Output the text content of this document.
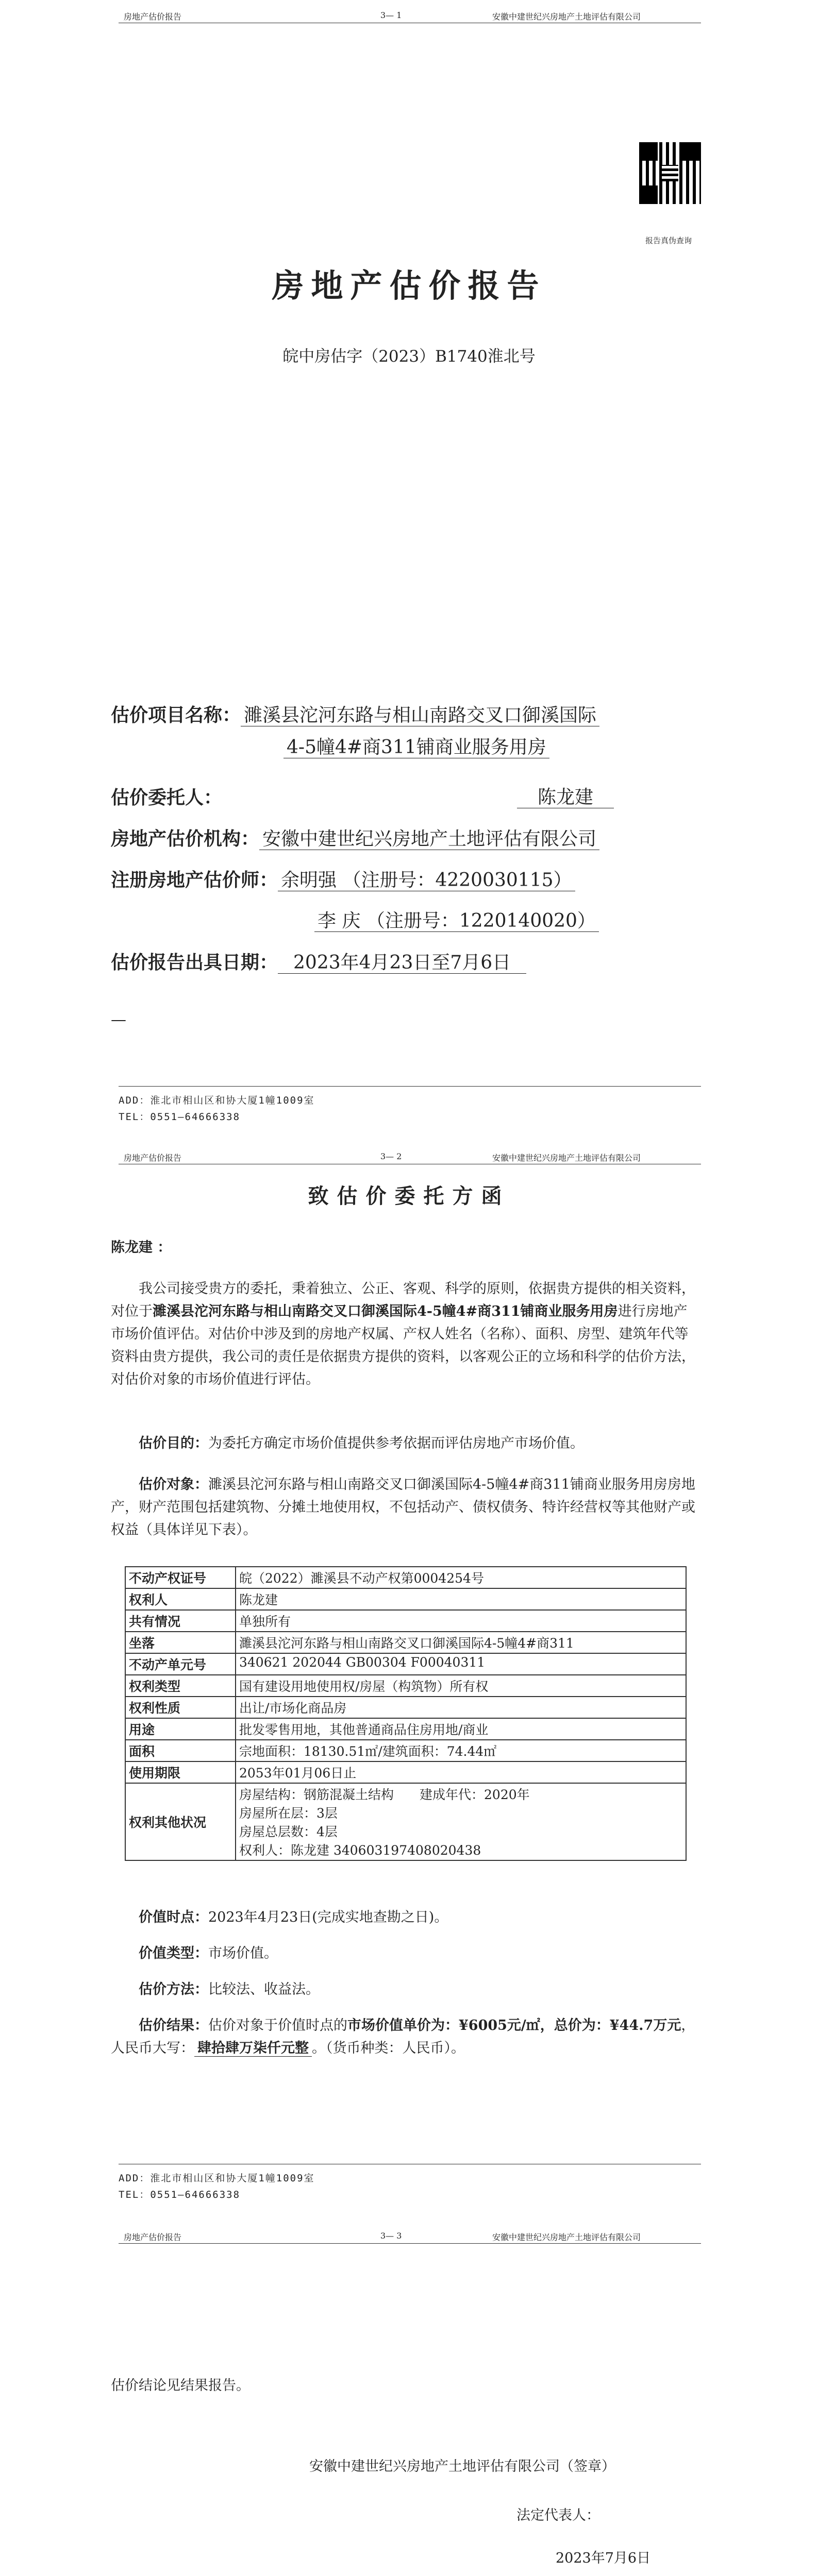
房地产估价报告	3— 1	安徽中建世纪兴房地产土地评估有限公司
报告真伪查询
房地产估价报告
皖中房估字（2023）B1740淮北号
估价项目名称： 濉溪县沱河东路与相山南路交叉口御溪国际
4-5幢4#商311铺商业服务用房
估价委托人：	陈龙建
房地产估价机构： 安徽中建世纪兴房地产土地评估有限公司
注册房地产估价师： 余明强 （注册号：4220030115）
李 庆 （注册号：1220140020）
估价报告出具日期： 2023年4月23日至7月6日
—
ADD：淮北市相山区和协大厦1幢1009室
TEL：0551—64666338
房地产估价报告	3— 2	安徽中建世纪兴房地产土地评估有限公司
致估价委托方函
陈龙建 ：
我公司接受贵方的委托，秉着独立、公正、客观、科学的原则，依据贵方提供的相关资料，对位于濉溪县沱河东路与相山南路交叉口御溪国际4-5幢4#商311铺商业服务用房进行房地产市场价值评估。对估价中涉及到的房地产权属、产权人姓名（名称）、面积、房型、建筑年代等资料由贵方提供，我公司的责任是依据贵方提供的资料，以客观公正的立场和科学的估价方法，对估价对象的市场价值进行评估。
估价目的：为委托方确定市场价值提供参考依据而评估房地产市场价值。
估价对象：濉溪县沱河东路与相山南路交叉口御溪国际4-5幢4#商311铺商业服务用房房地产，财产范围包括建筑物、分摊土地使用权，不包括动产、债权债务、特许经营权等其他财产或权益（具体详见下表）。
不动产权证号	皖（2022）濉溪县不动产权第0004254号
权利人	陈龙建
共有情况	单独所有
坐落	濉溪县沱河东路与相山南路交叉口御溪国际4-5幢4#商311
不动产单元号	340621 202044 GB00304 F00040311
权利类型	国有建设用地使用权/房屋（构筑物）所有权
权利性质	出让/市场化商品房
用途	批发零售用地，其他普通商品住房用地/商业
面积	宗地面积：18130.51㎡/建筑面积：74.44㎡
使用期限	2053年01月06日止
权利其他状况	房屋结构：钢筋混凝土结构　　建成年代：2020年
房屋所在层：3层
房屋总层数：4层
权利人：陈龙建 340603197408020438
价值时点：2023年4月23日(完成实地查勘之日)。
价值类型：市场价值。
估价方法：比较法、收益法。
估价结果：估价对象于价值时点的市场价值单价为：¥6005元/㎡，总价为：¥44.7万元，人民币大写： 肆拾肆万柒仟元整 。（货币种类：人民币）。
ADD：淮北市相山区和协大厦1幢1009室
TEL：0551—64666338
房地产估价报告	3— 3	安徽中建世纪兴房地产土地评估有限公司
估价结论见结果报告。
安徽中建世纪兴房地产土地评估有限公司（签章）
法定代表人：
2023年7月6日
